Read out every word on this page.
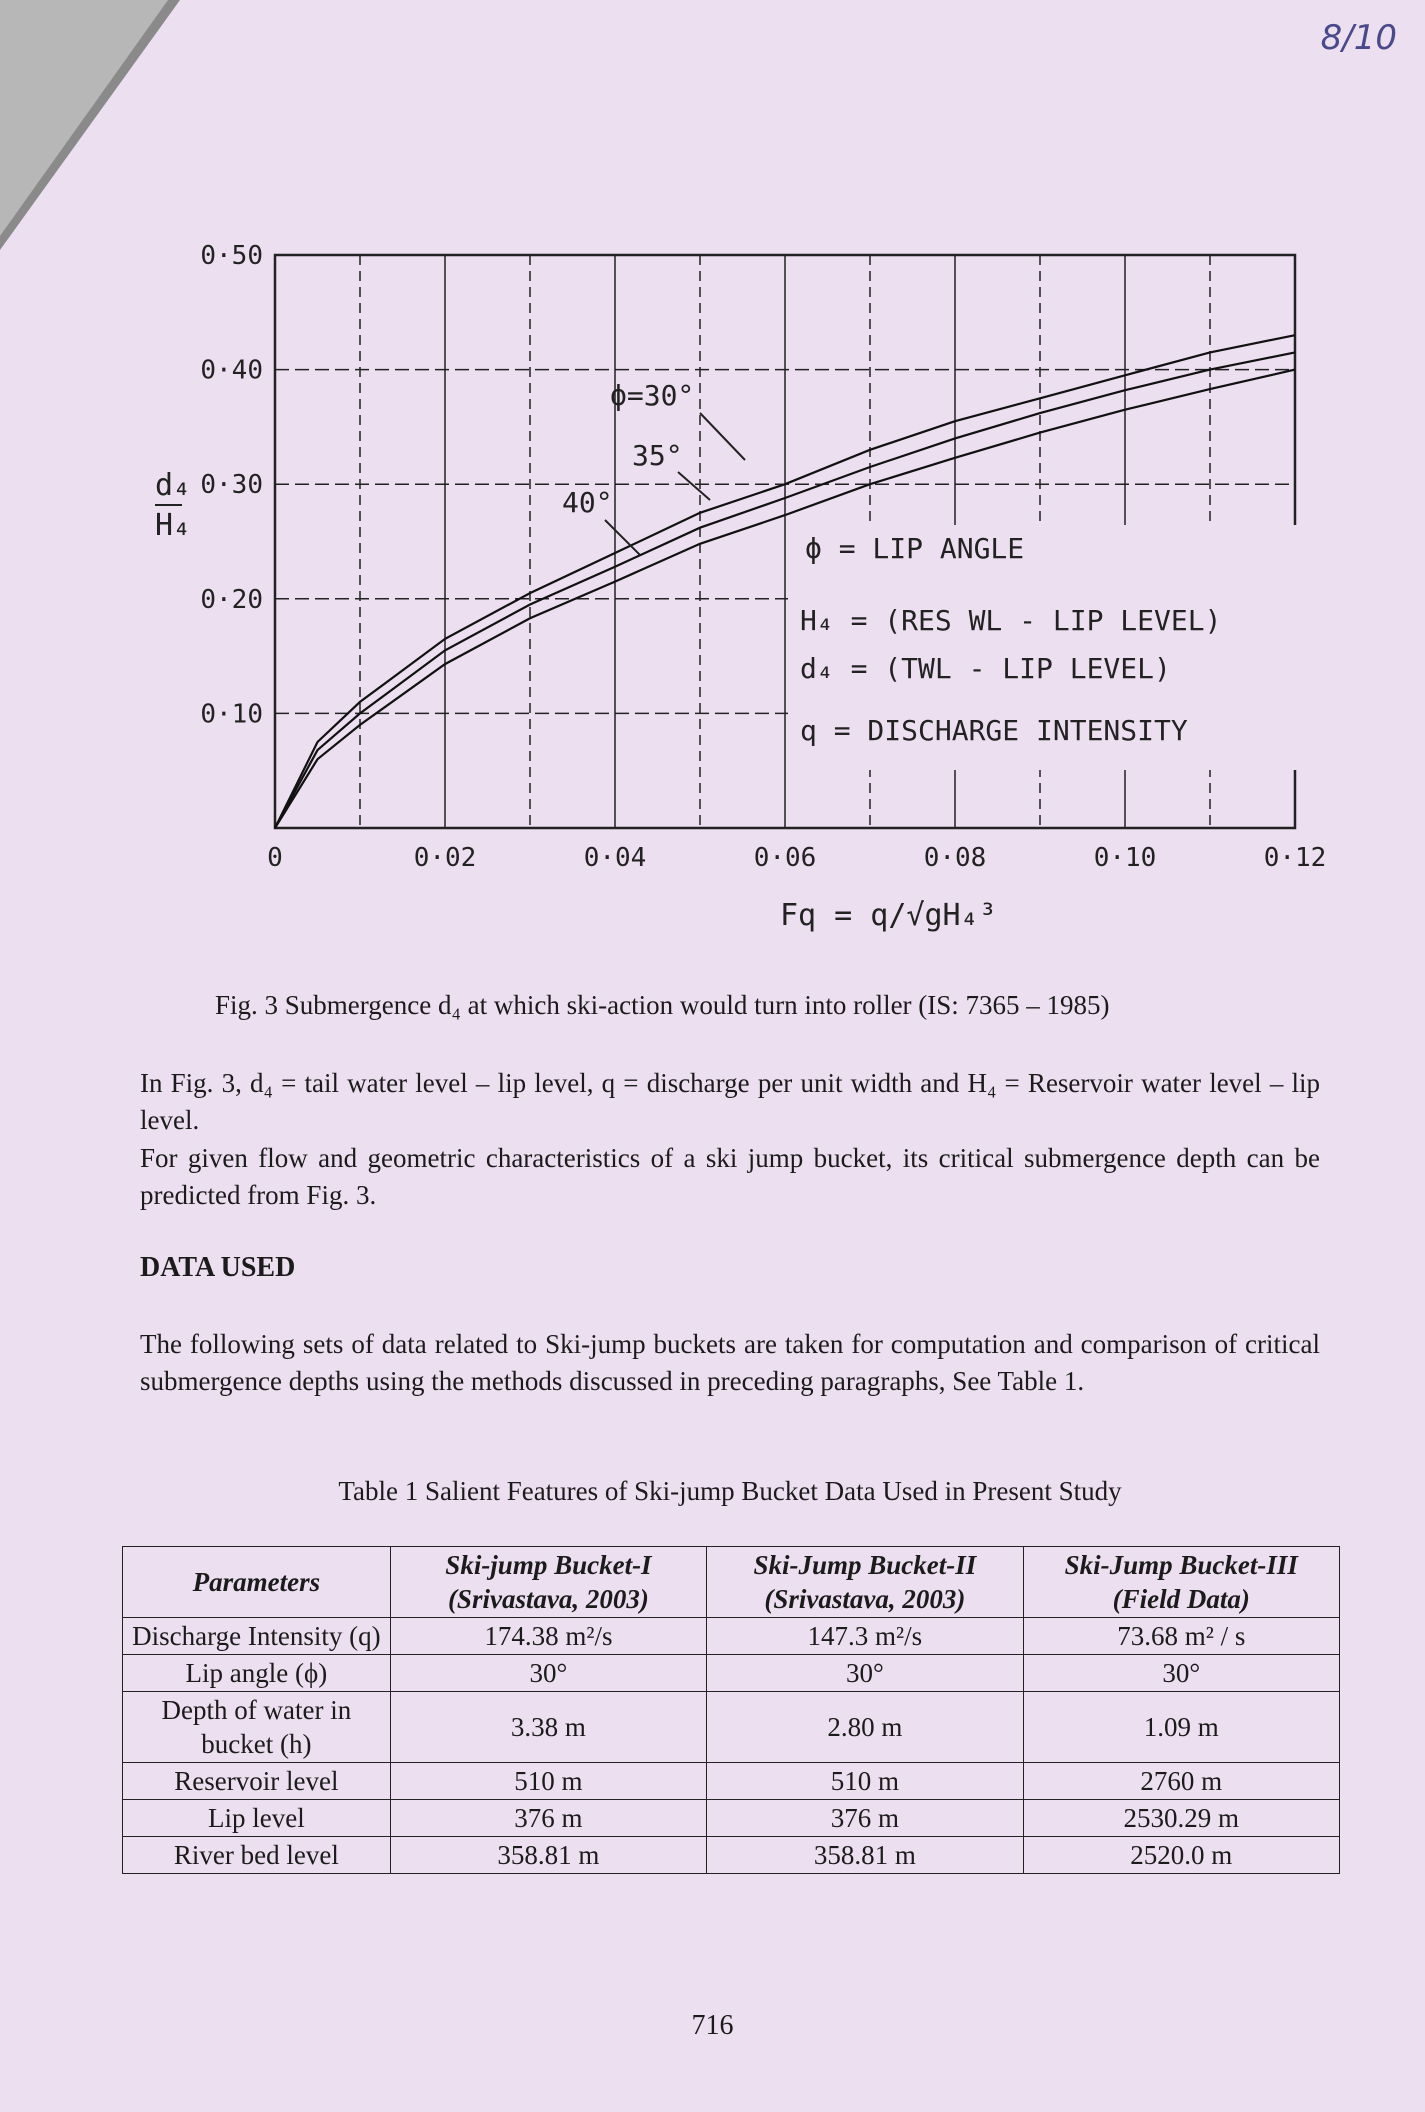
8/10
0·10
0·20
0·30
0·40
0·50
0	0·02	0·04	0·06	0·08	0·10	0·12
d₄
H₄
ϕ=30°
35°
40°
ϕ = LIP ANGLE
H₄ = (RES WL - LIP LEVEL)
d₄ = (TWL - LIP LEVEL)
q = DISCHARGE INTENSITY
Fq = q/√gH₄³
Fig. 3 Submergence d₄ at which ski-action would turn into roller (IS: 7365 – 1985)
In Fig. 3, d₄ = tail water level – lip level, q = discharge per unit width and H₄ = Reservoir water level – lip level.
For given flow and geometric characteristics of a ski jump bucket, its critical submergence depth can be predicted from Fig. 3.
DATA USED
The following sets of data related to Ski-jump buckets are taken for computation and comparison of critical submergence depths using the methods discussed in preceding paragraphs, See Table 1.
Table 1 Salient Features of Ski-jump Bucket Data Used in Present Study
Parameters	Ski-jump Bucket-I (Srivastava, 2003)	Ski-Jump Bucket-II (Srivastava, 2003)	Ski-Jump Bucket-III (Field Data)
Discharge Intensity (q)	174.38 m²/s	147.3 m²/s	73.68 m² / s
Lip angle (ϕ)	30°	30°	30°
Depth of water in bucket (h)	3.38 m	2.80 m	1.09 m
Reservoir level	510 m	510 m	2760 m
Lip level	376 m	376 m	2530.29 m
River bed level	358.81 m	358.81 m	2520.0 m
716
